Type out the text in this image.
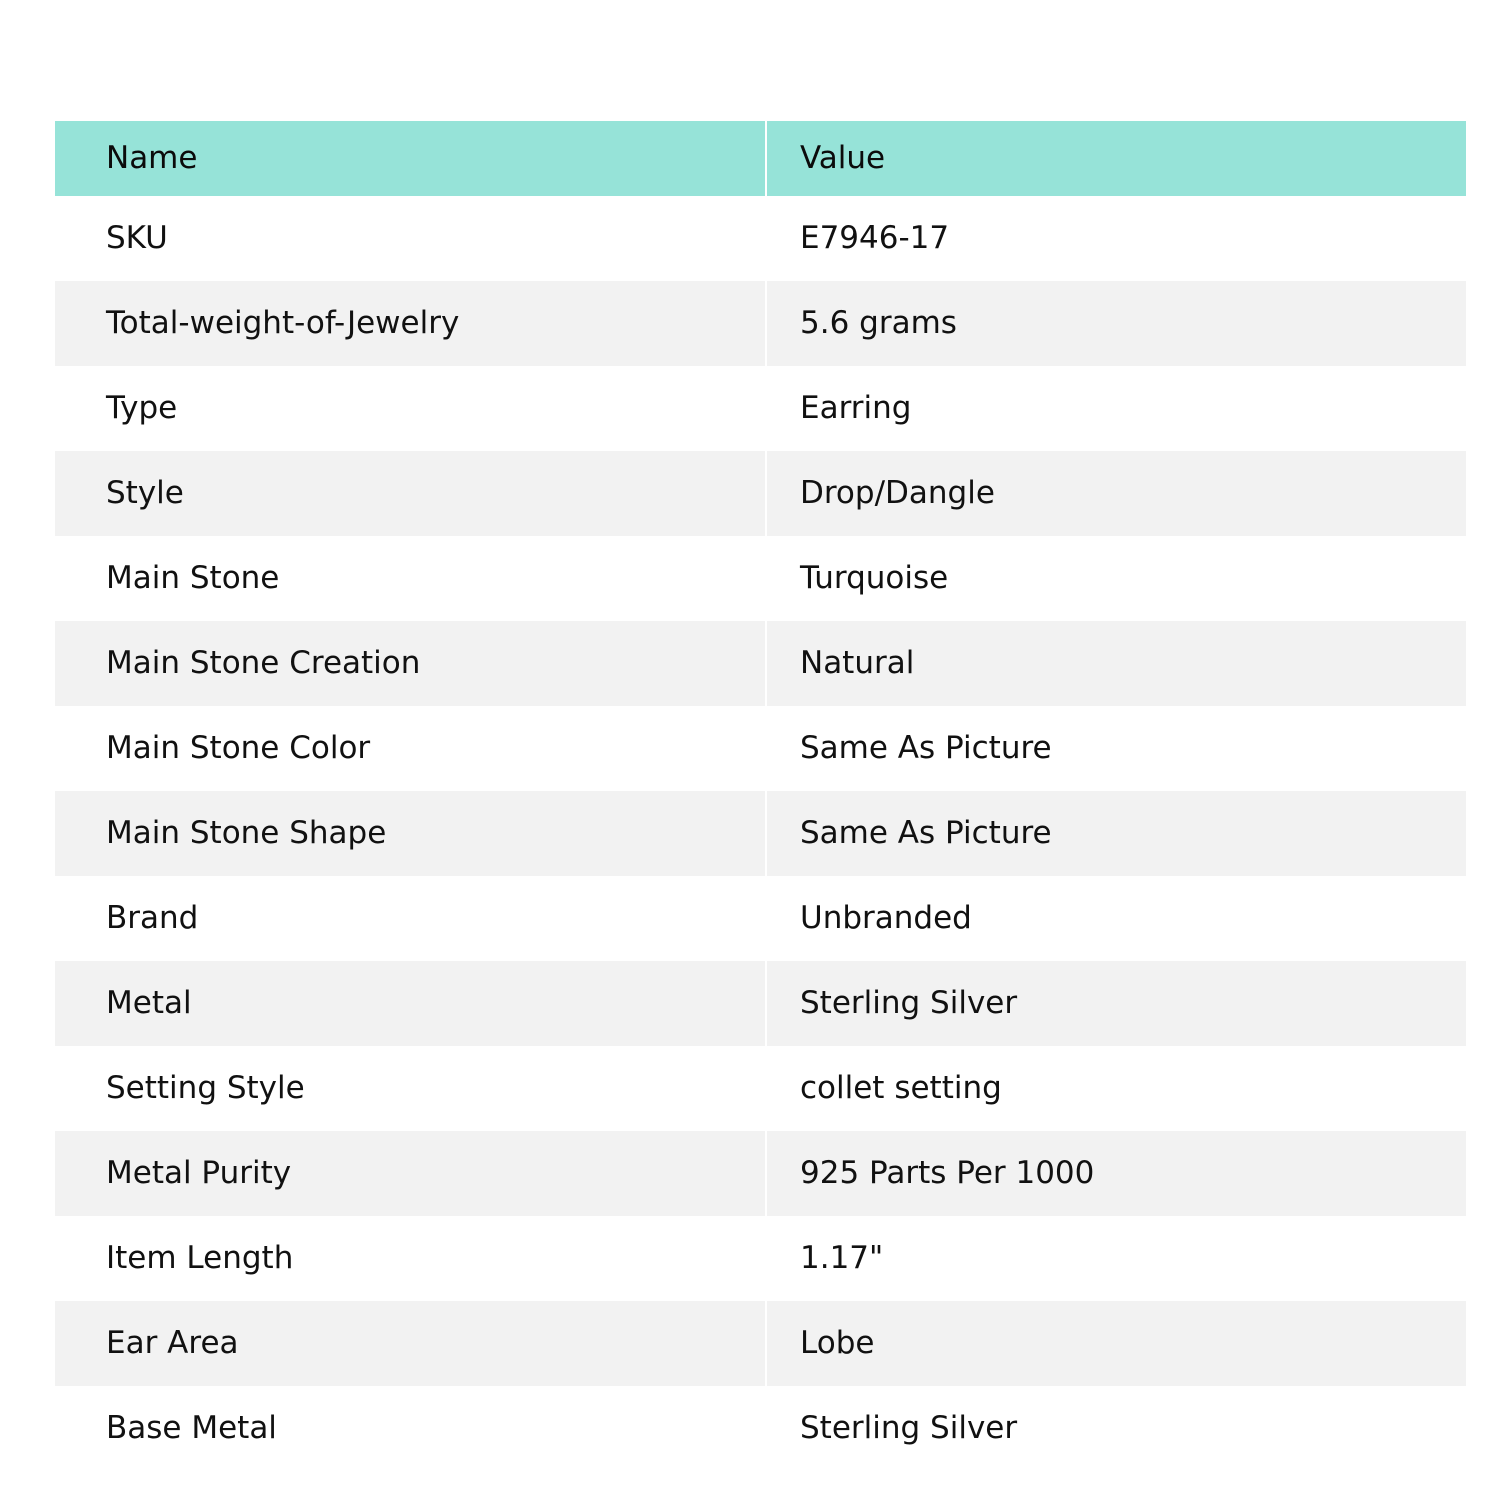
Name	Value
SKU	E7946-17
Total-weight-of-Jewelry	5.6 grams
Type	Earring
Style	Drop/Dangle
Main Stone	Turquoise
Main Stone Creation	Natural
Main Stone Color	Same As Picture
Main Stone Shape	Same As Picture
Brand	Unbranded
Metal	Sterling Silver
Setting Style	collet setting
Metal Purity	925 Parts Per 1000
Item Length	1.17"
Ear Area	Lobe
Base Metal	Sterling Silver
